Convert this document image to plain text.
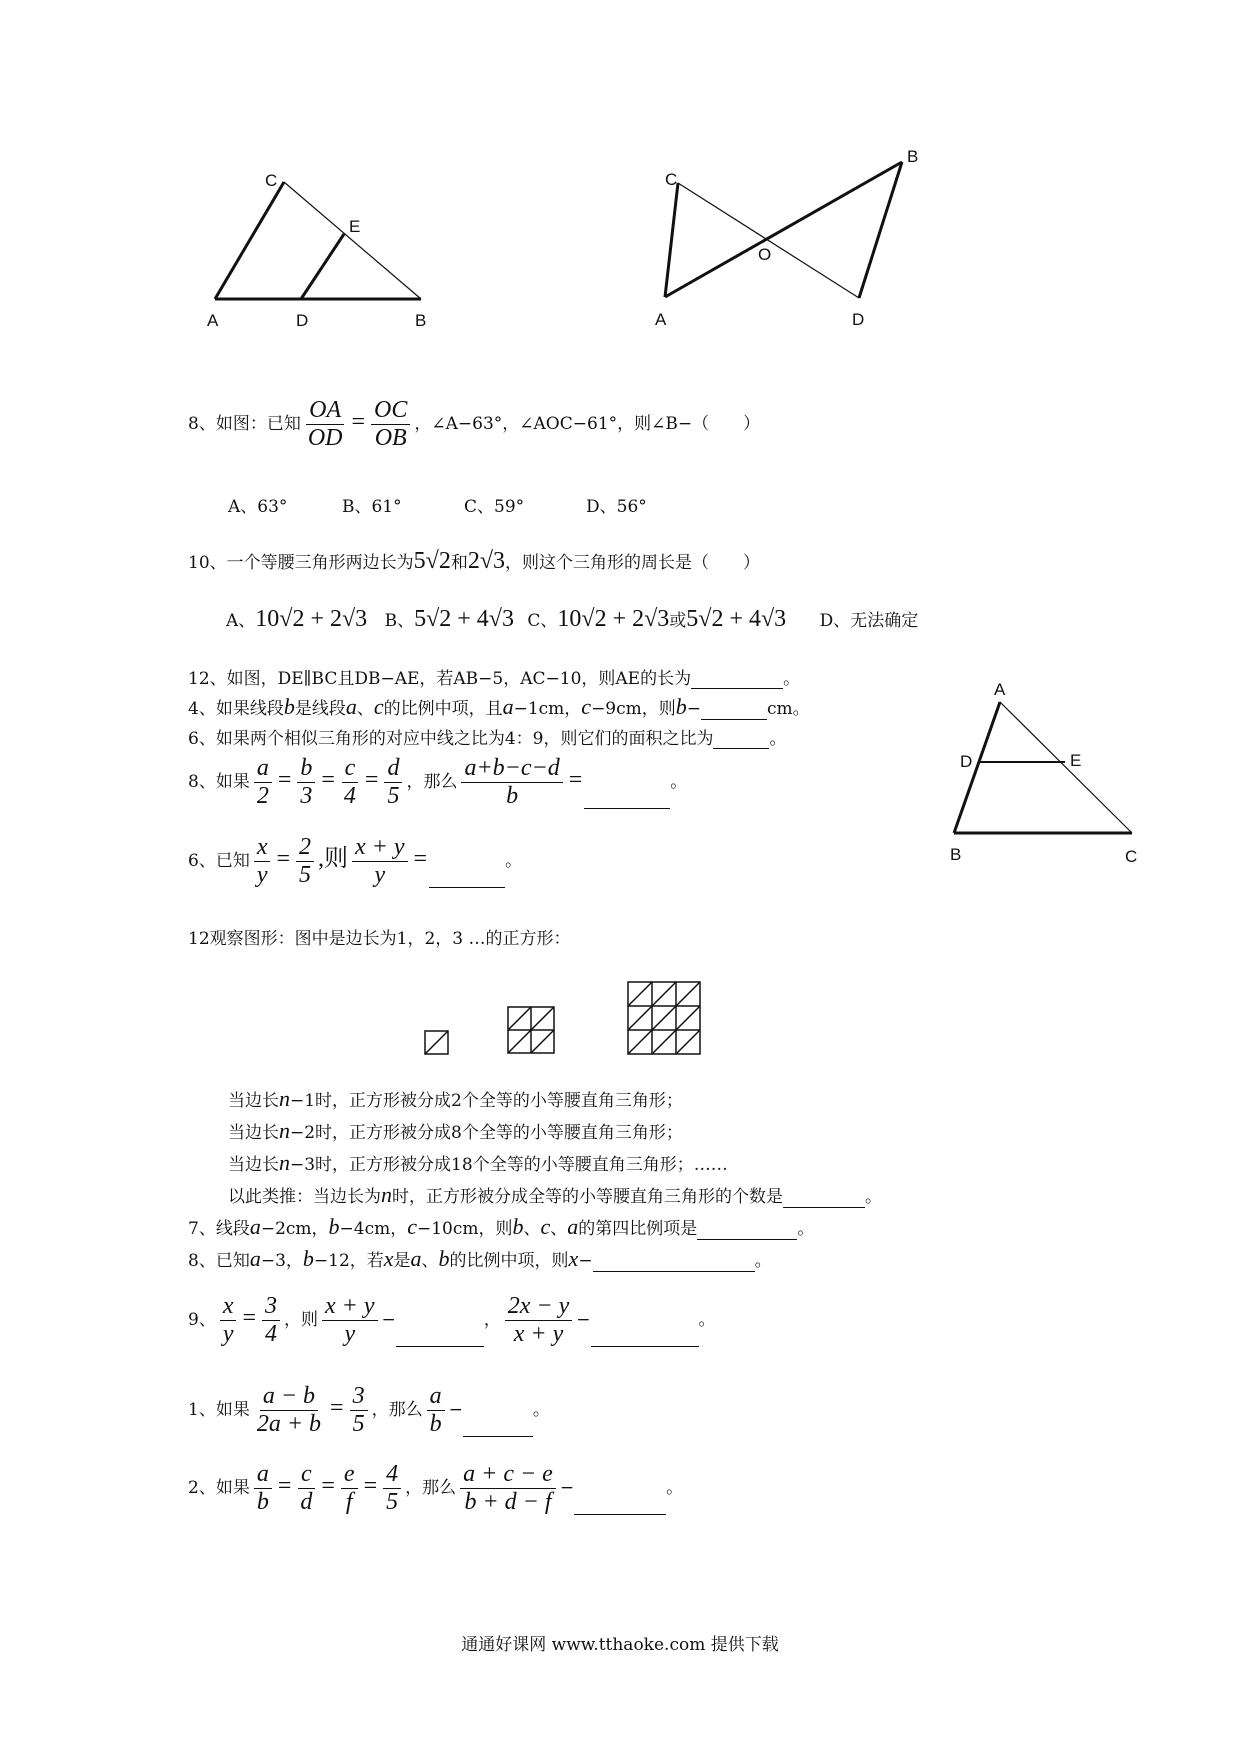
C
E
A	D	B
C
B
O
A	D
A
D	E
B	C
8、如图：已知 $\frac{OA}{OD} = \frac{OC}{OB}$ ，∠A−63°，∠AOC−61°，则∠B−（　　）
A、63°	B、61°	C、59°	D、56°
10、一个等腰三角形两边长为5√2和2√3，则这个三角形的周长是（　　）
A、10√2 + 2√3 B、5√2 + 4√3 C、10√2 + 2√3或5√2 + 4√3 D、无法确定
12、如图，DE∥BC且DB−AE，若AB−5，AC−10，则AE的长为	。
4、如果线段b是线段a、c的比例中项，且a−1cm，c−9cm，则b−	cm。
6、如果两个相似三角形的对应中线之比为4：9，则它们的面积之比为	。
8、如果 $\frac{a}{2} = \frac{b}{3} = \frac{c}{4} = \frac{d}{5}$ ，那么 $\frac{a+b-c-d}{b}$ =	。
6、已知 $\frac{x}{y} = \frac{2}{5}$ ,则 $\frac{x + y}{y}$ =	。
12观察图形：图中是边长为1，2，3 …的正方形：
当边长n−1时，正方形被分成2个全等的小等腰直角三角形；
当边长n−2时，正方形被分成8个全等的小等腰直角三角形；
当边长n−3时，正方形被分成18个全等的小等腰直角三角形；……
以此类推：当边长为n时，正方形被分成全等的小等腰直角三角形的个数是	。
7、线段a−2cm，b−4cm，c−10cm，则b、c、a的第四比例项是	。
8、已知a−3，b−12，若x是a、b的比例中项，则x−	。
9、 $\frac{x}{y} = \frac{3}{4}$ ，则 $\frac{x + y}{y}$ −	， $\frac{2x - y}{x + y}$ −	。
1、如果 $\frac{a - b}{2a + b} = \frac{3}{5}$ ，那么 $\frac{a}{b}$ −	。
2、如果 $\frac{a}{b} = \frac{c}{d} = \frac{e}{f} = \frac{4}{5}$ ，那么 $\frac{a + c - e}{b + d - f}$ −	。
通通好课网 www.tthaoke.com 提供下载
